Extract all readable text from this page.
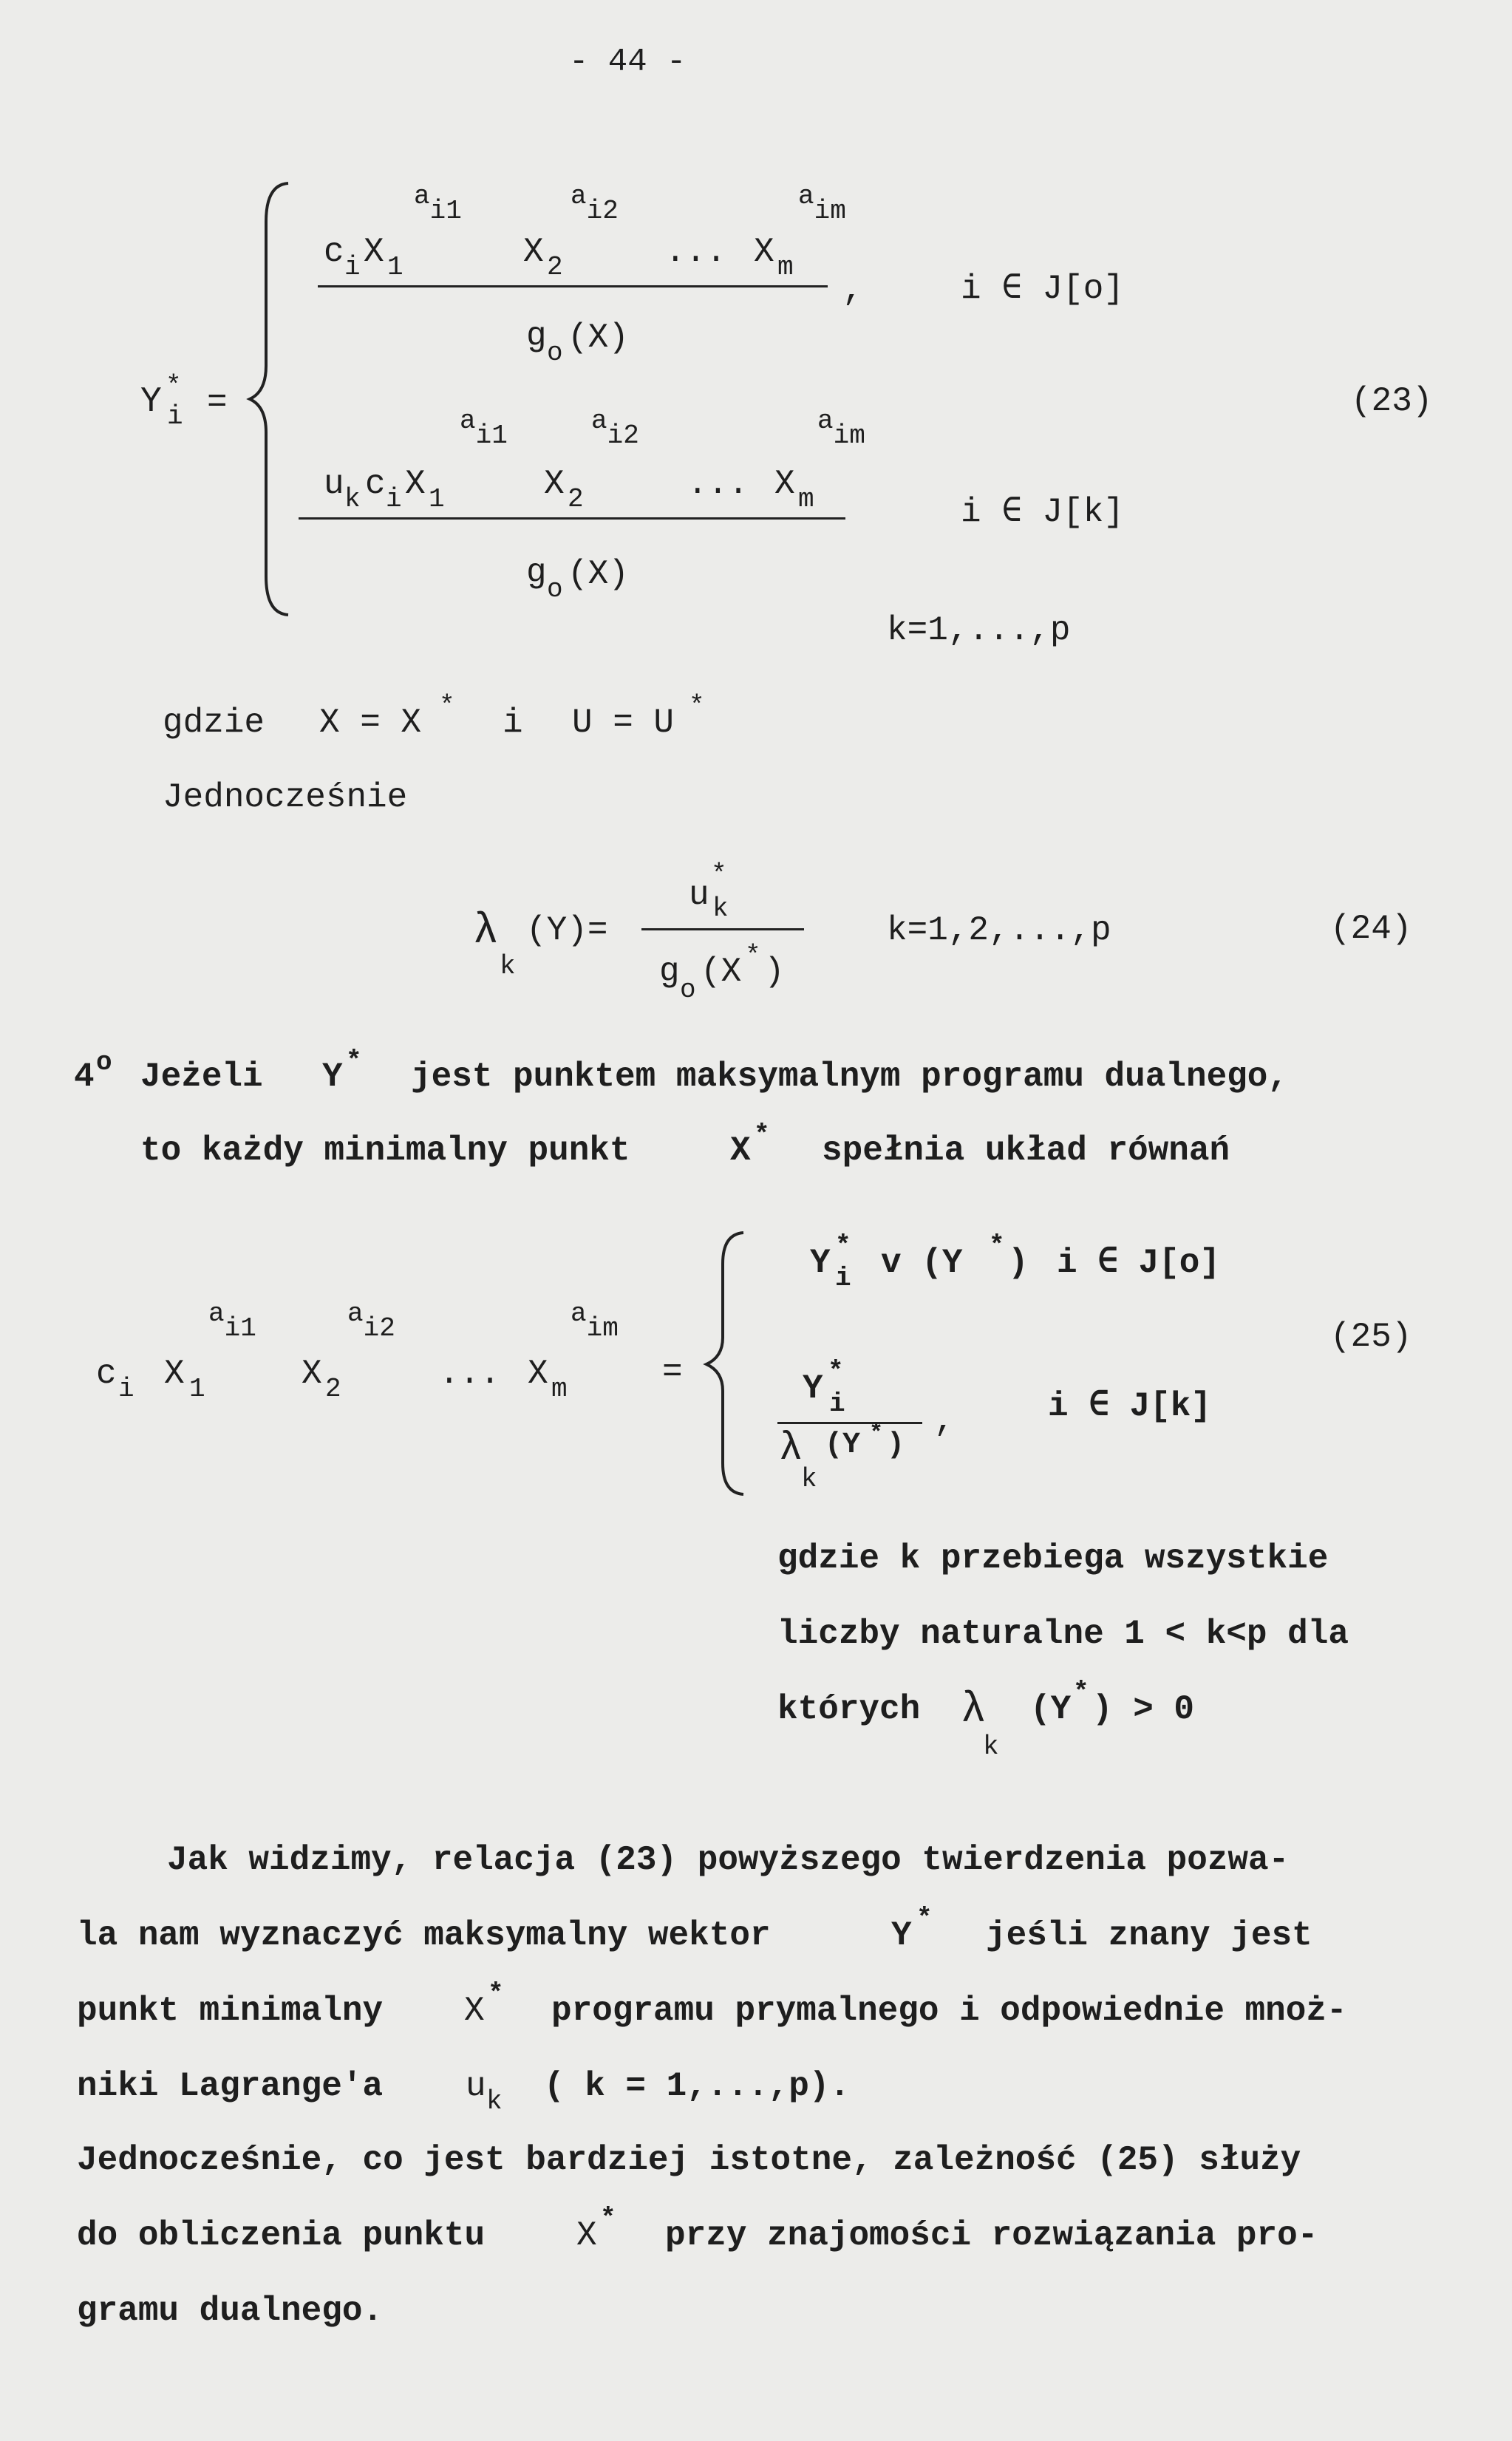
- 44 -
Y *
i =
ai1	ai2	aim
c i X 1	X 2	... X m
,	i ∈ J[o]
g o (X)
(23)
ai1	ai2	aim
u k c i X 1	X 2	... X m	i ∈ J[k]
g o (X)
k=1,...,p
gdzie X = X * i U = U *
Jednocześnie
λ
k
(Y)=
u
*
k
g o (X * )
k=1,2,...,p	(24)
4 o Jeżeli Y * jest punktem maksymalnym programu dualnego,
to każdy minimalny punkt	X * spełnia układ równań
ai1	ai2	aim
c i X 1	X 2	... X m	=
Y *
i v (Y * ) i ∈ J[o]
(25)
Y *
i	,	i ∈ J[k]
λ
k
(Y * )
gdzie k przebiega wszystkie
liczby naturalne 1 < k<p dla
których λ
k
(Y * ) > 0
Jak widzimy, relacja (23) powyższego twierdzenia pozwa-
la nam wyznaczyć maksymalny wektor	Y * jeśli znany jest
punkt minimalny X * programu prymalnego i odpowiednie mnoż-
niki Lagrange'a u k ( k = 1,...,p).
Jednocześnie, co jest bardziej istotne, zależność (25) służy
do obliczenia punktu	X * przy znajomości rozwiązania pro-
gramu dualnego.
